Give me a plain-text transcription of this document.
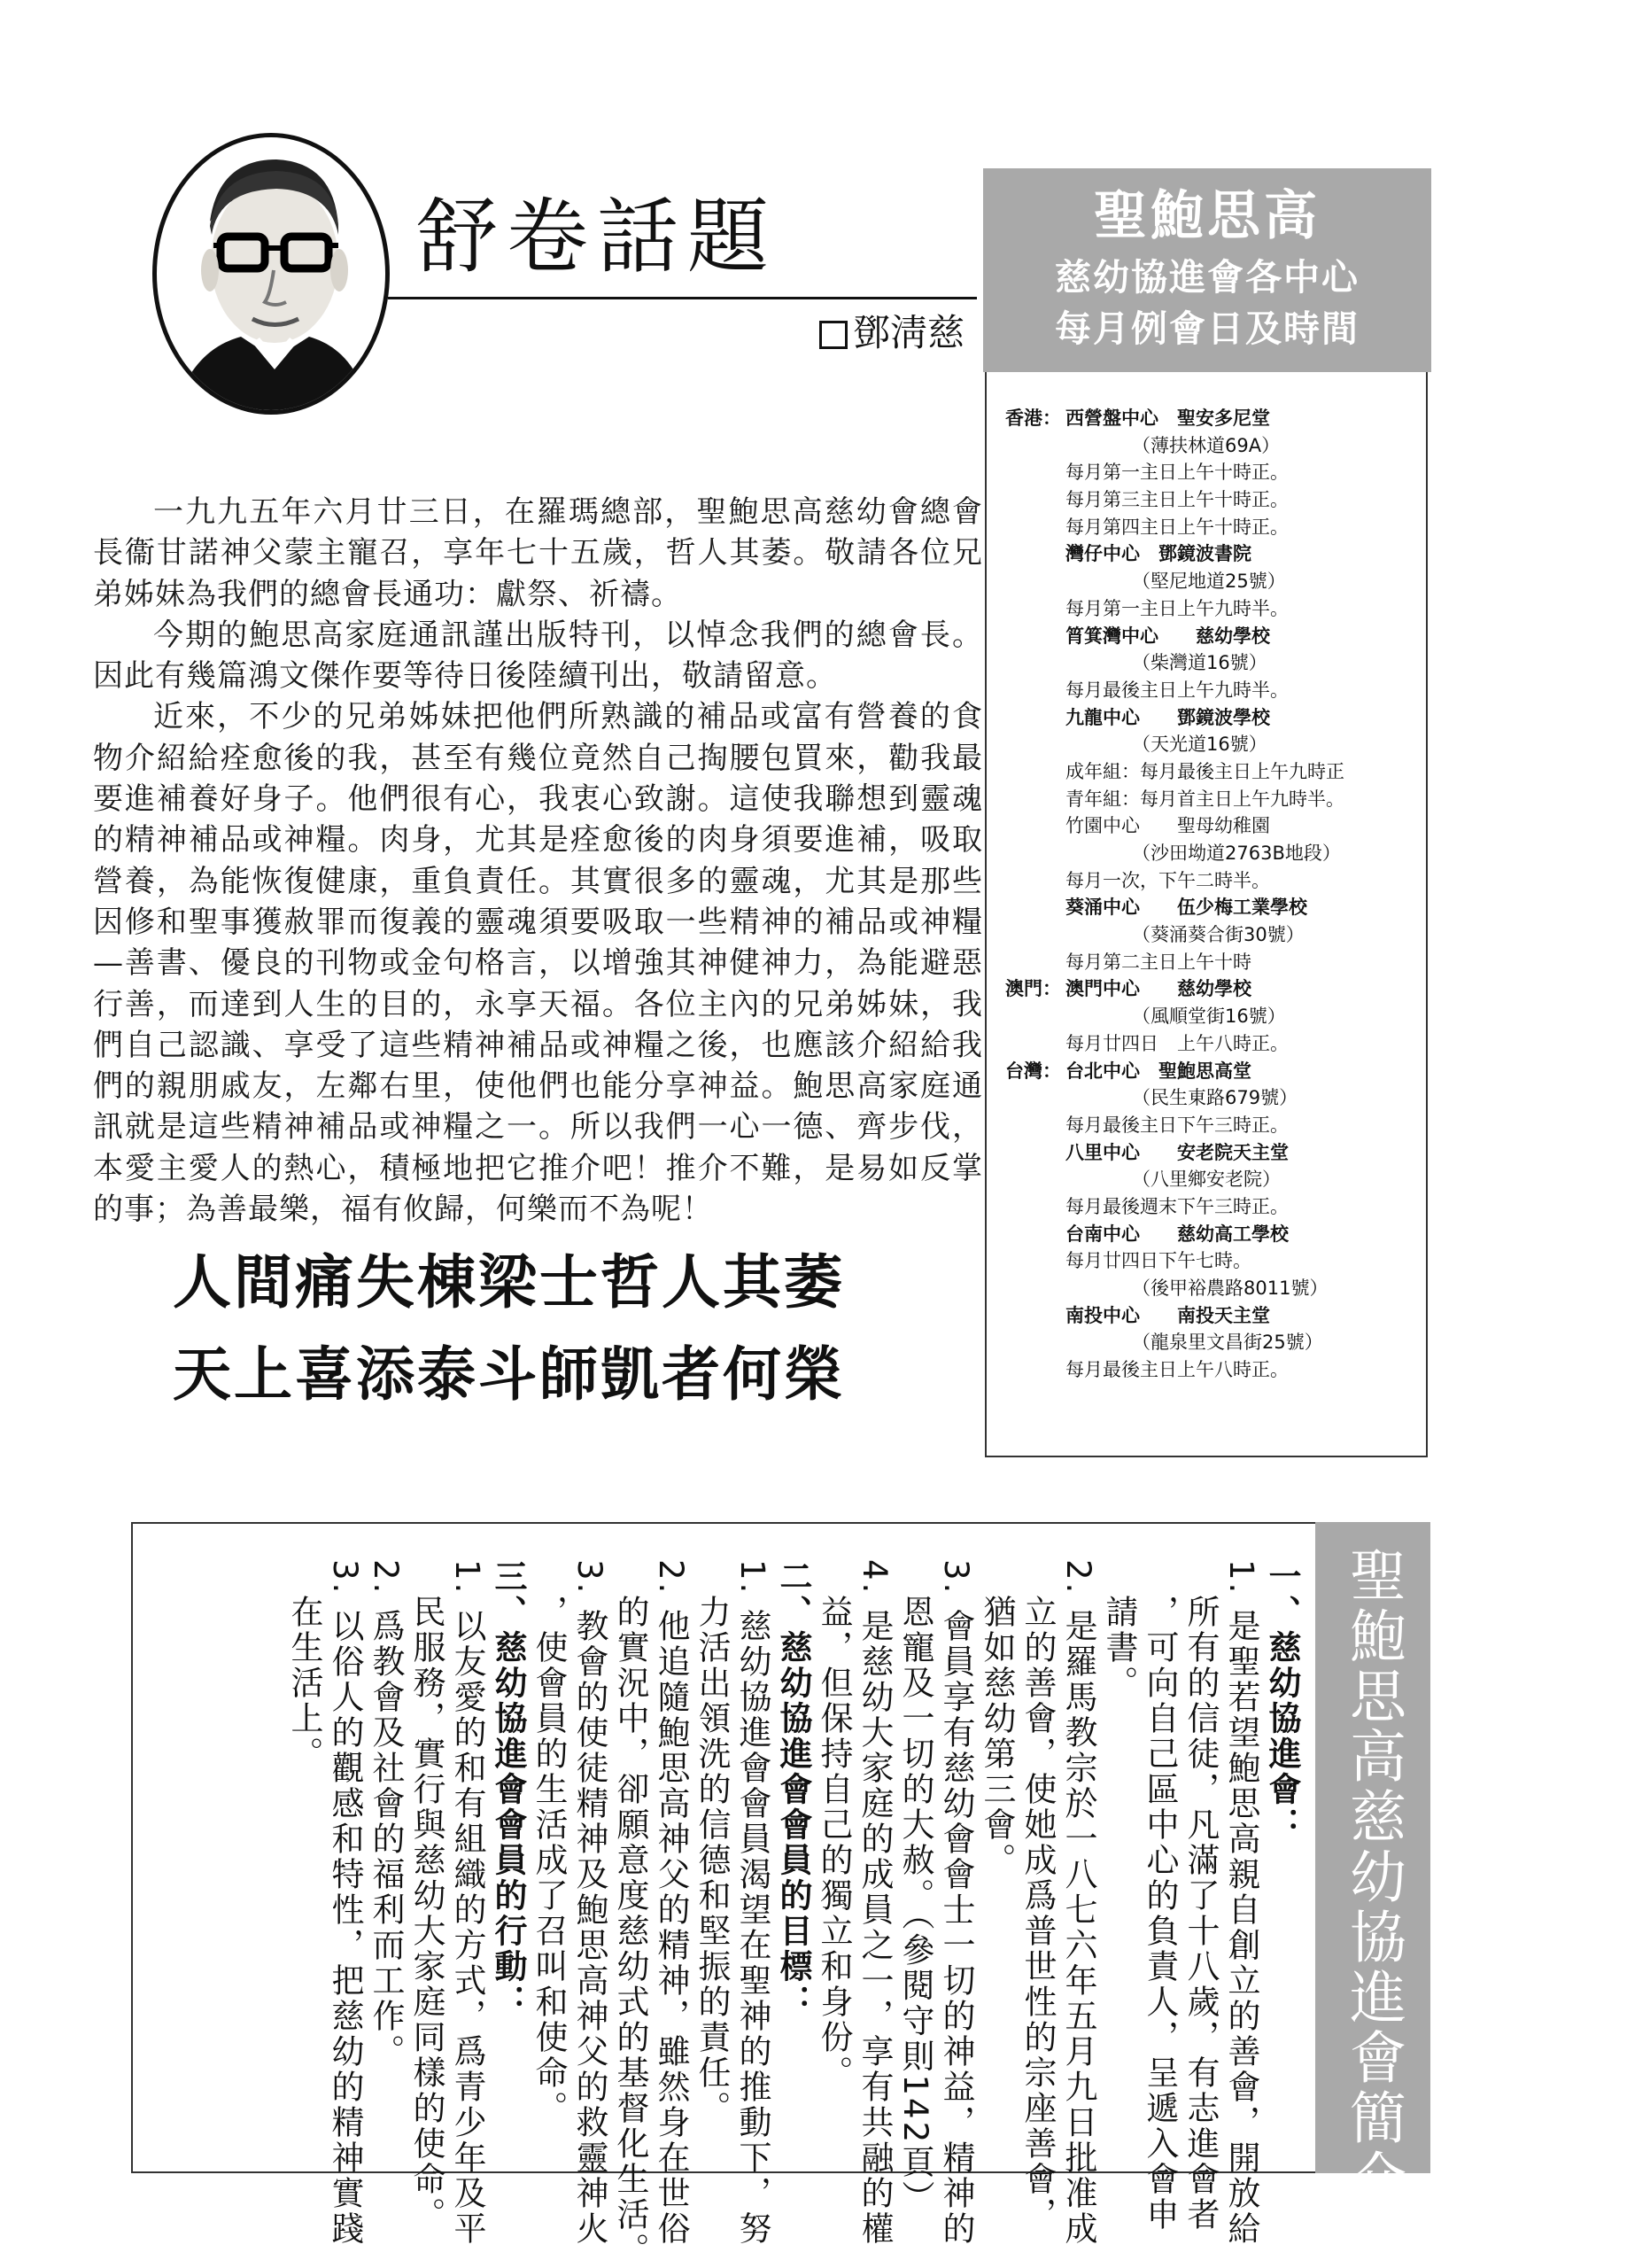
舒卷話題
鄧淸慈

一九九五年六月廿三日，在羅瑪總部，聖鮑思高慈幼會總會長衞甘諾神父蒙主寵召，享年七十五歲，哲人其萎。敬請各位兄弟姊妹為我們的總會長通功：獻祭、祈禱。

今期的鮑思高家庭通訊謹出版特刊，以悼念我們的總會長。因此有幾篇鴻文傑作要等待日後陸續刊出，敬請留意。

近來，不少的兄弟姊妹把他們所熟識的補品或富有營養的食物介紹給痊愈後的我，甚至有幾位竟然自己掏腰包買來，勸我最要進補養好身子。他們很有心，我衷心致謝。這使我聯想到靈魂的精神補品或神糧。肉身，尤其是痊愈後的肉身須要進補，吸取營養，為能恢復健康，重負責任。其實很多的靈魂，尤其是那些因修和聖事獲赦罪而復義的靈魂須要吸取一些精神的補品或神糧—善書、優良的刊物或金句格言，以增強其神健神力，為能避惡行善，而達到人生的目的，永享天福。各位主內的兄弟姊妹，我們自己認識、享受了這些精神補品或神糧之後，也應該介紹給我們的親朋戚友，左鄰右里，使他們也能分享神益。鮑思高家庭通訊就是這些精神補品或神糧之一。所以我們一心一德、齊步伐，本愛主愛人的熱心，積極地把它推介吧！推介不難，是易如反掌的事；為善最樂，福有攸歸，何樂而不為呢！

人間痛失棟梁士哲人其萎
天上喜添泰斗師凱者何榮
聖鮑思高
慈幼協進會各中心
每月例會日及時間
香港： 西營盤中心　聖安多尼堂
（薄扶林道69A）
每月第一主日上午十時正。
每月第三主日上午十時正。
每月第四主日上午十時正。
灣仔中心　鄧鏡波書院
（堅尼地道25號）
每月第一主日上午九時半。
筲箕灣中心　　慈幼學校
（柴灣道16號）
每月最後主日上午九時半。
九龍中心　　鄧鏡波學校
（天光道16號）
成年組：每月最後主日上午九時正
青年組：每月首主日上午九時半。
竹園中心　　聖母幼稚園
（沙田坳道2763B地段）
每月一次，下午二時半。
葵涌中心　　伍少梅工業學校
（葵涌葵合街30號）
每月第二主日上午十時
澳門： 澳門中心　　慈幼學校
（風順堂街16號）
每月廿四日　上午八時正。
台灣： 台北中心　聖鮑思高堂
（民生東路679號）
每月最後主日下午三時正。
八里中心　　安老院天主堂
（八里鄉安老院）
每月最後週末下午三時正。
台南中心　　慈幼高工學校
每月廿四日下午七時。
（後甲裕農路8011號）
南投中心　　南投天主堂
（龍泉里文昌街25號）
每月最後主日上午八時正。
聖鮑思高慈幼協進會簡介
一、慈幼協進會：
1. 是聖若望鮑思高親自創立的善會，開放給
　所有的信徒，凡滿了十八歲，有志進會者
　，可向自己區中心的負責人，呈遞入會申
　請書。
2. 是羅馬教宗於一八七六年五月九日批准成
　立的善會，使她成爲普世性的宗座善會，
　猶如慈幼第三會。
3. 會員享有慈幼會會士一切的神益，精神的
　恩寵及一切的大赦。（參閱守則142頁）
4. 是慈幼大家庭的成員之一，享有共融的權
　益，但保持自己的獨立和身份。
二、慈幼協進會會員的目標：
1. 慈幼協進會會員渴望在聖神的推動下，努
　力活出領洗的信德和堅振的責任。
2. 他追隨鮑思高神父的精神，雖然身在世俗
　的實況中，卻願意度慈幼式的基督化生活。
3. 教會的使徒精神及鮑思高神父的救靈神火
　，使會員的生活成了召叫和使命。
三、慈幼協進會會員的行動：
1. 以友愛的和有組織的方式，爲青少年及平
　民服務，實行與慈幼大家庭同樣的使命。
2. 爲教會及社會的福利而工作。
3. 以俗人的觀感和特性，把慈幼的精神實踐
　在生活上。
